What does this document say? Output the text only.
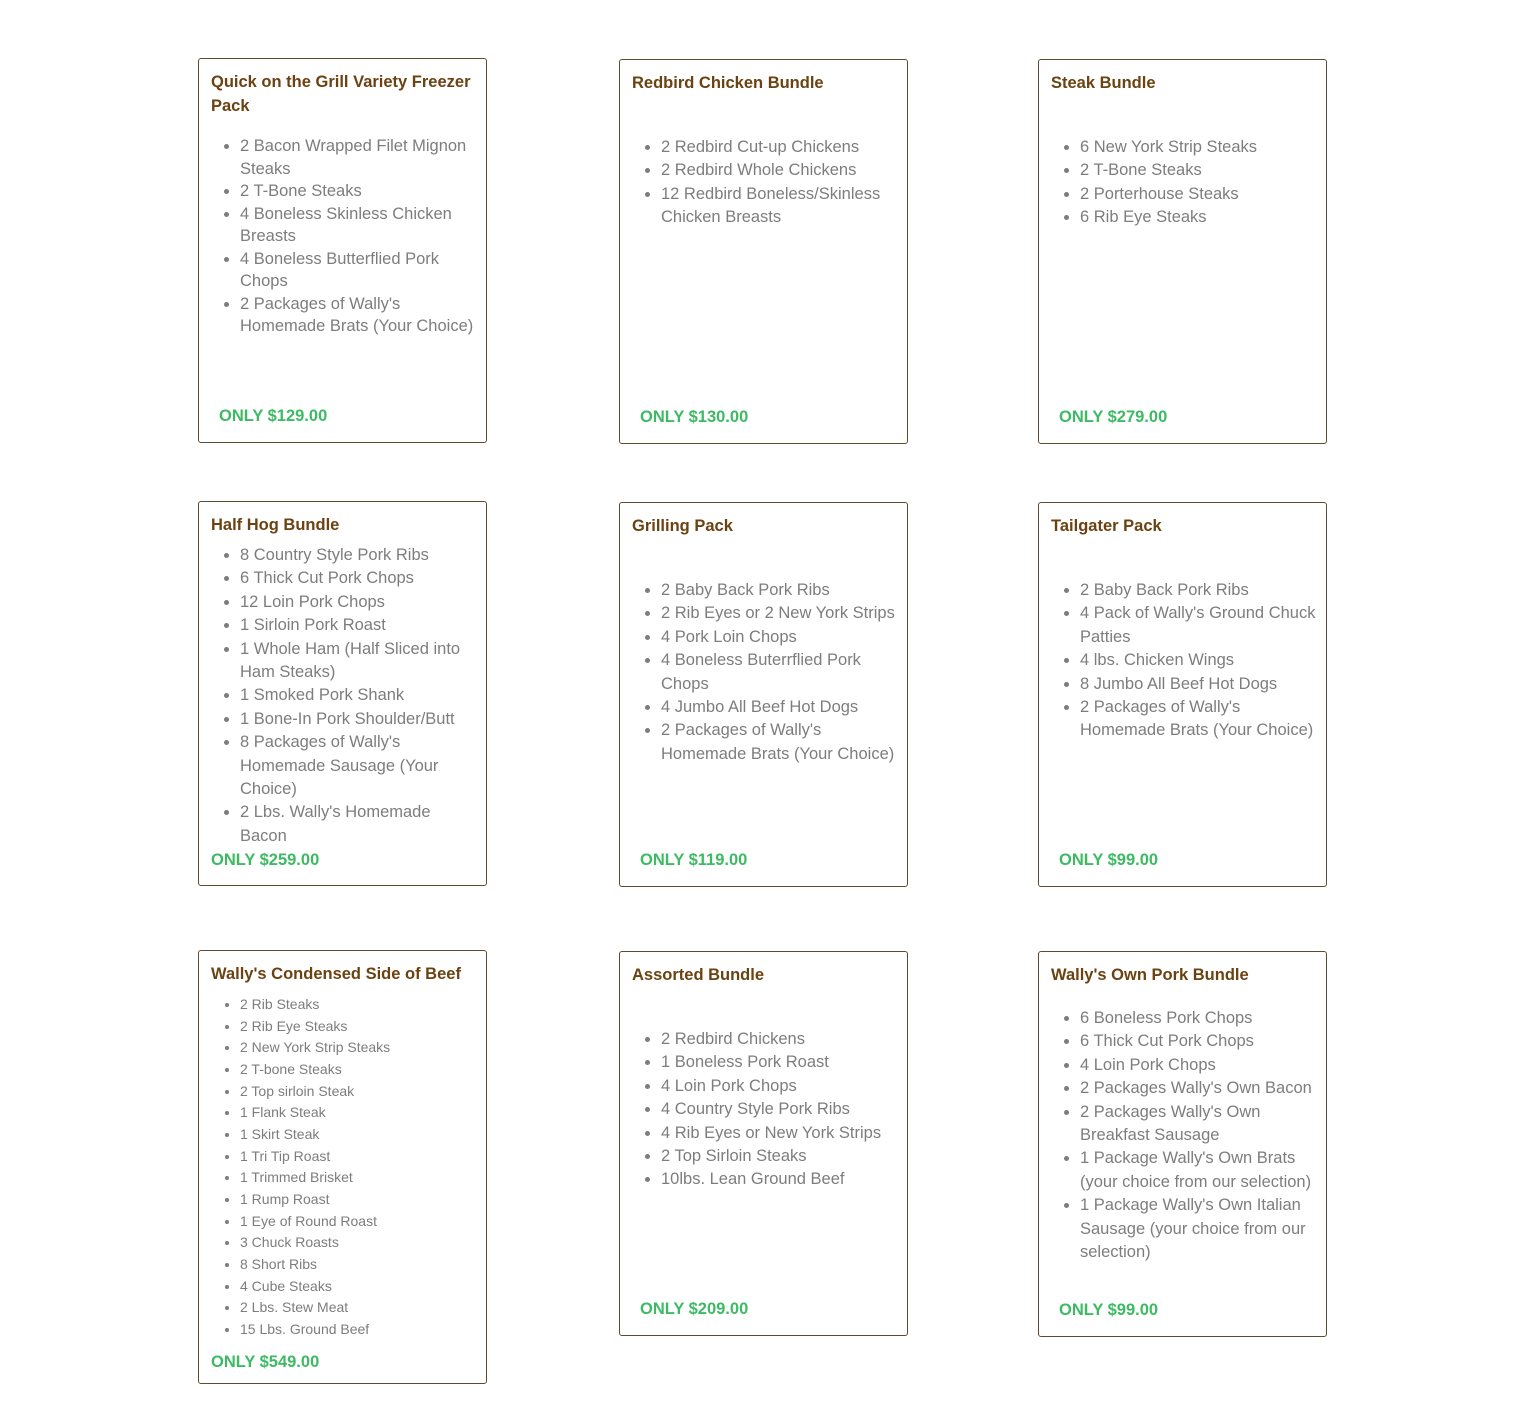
Quick on the Grill Variety Freezer Pack
• 2 Bacon Wrapped Filet Mignon Steaks
• 2 T-Bone Steaks
• 4 Boneless Skinless Chicken Breasts
• 4 Boneless Butterflied Pork Chops
• 2 Packages of Wally's Homemade Brats (Your Choice)

ONLY $129.00

Redbird Chicken Bundle
• 2 Redbird Cut-up Chickens
• 2 Redbird Whole Chickens
• 12 Redbird Boneless/Skinless Chicken Breasts

ONLY $130.00

Steak Bundle
• 6 New York Strip Steaks
• 2 T-Bone Steaks
• 2 Porterhouse Steaks
• 6 Rib Eye Steaks

ONLY $279.00

Half Hog Bundle
• 8 Country Style Pork Ribs
• 6 Thick Cut Pork Chops
• 12 Loin Pork Chops
• 1 Sirloin Pork Roast
• 1 Whole Ham (Half Sliced into Ham Steaks)
• 1 Smoked Pork Shank
• 1 Bone-In Pork Shoulder/Butt
• 8 Packages of Wally's Homemade Sausage (Your Choice)
• 2 Lbs. Wally's Homemade Bacon

ONLY $259.00

Grilling Pack
• 2 Baby Back Pork Ribs
• 2 Rib Eyes or 2 New York Strips
• 4 Pork Loin Chops
• 4 Boneless Buterrflied Pork Chops
• 4 Jumbo All Beef Hot Dogs
• 2 Packages of Wally's Homemade Brats (Your Choice)

ONLY $119.00

Tailgater Pack
• 2 Baby Back Pork Ribs
• 4 Pack of Wally's Ground Chuck Patties
• 4 lbs. Chicken Wings
• 8 Jumbo All Beef Hot Dogs
• 2 Packages of Wally's Homemade Brats (Your Choice)

ONLY $99.00

Wally's Condensed Side of Beef
• 2 Rib Steaks
• 2 Rib Eye Steaks
• 2 New York Strip Steaks
• 2 T-bone Steaks
• 2 Top sirloin Steak
• 1 Flank Steak
• 1 Skirt Steak
• 1 Tri Tip Roast
• 1 Trimmed Brisket
• 1 Rump Roast
• 1 Eye of Round Roast
• 3 Chuck Roasts
• 8 Short Ribs
• 4 Cube Steaks
• 2 Lbs. Stew Meat
• 15 Lbs. Ground Beef

ONLY $549.00

Assorted Bundle
• 2 Redbird Chickens
• 1 Boneless Pork Roast
• 4 Loin Pork Chops
• 4 Country Style Pork Ribs
• 4 Rib Eyes or New York Strips
• 2 Top Sirloin Steaks
• 10lbs. Lean Ground Beef

ONLY $209.00

Wally's Own Pork Bundle
• 6 Boneless Pork Chops
• 6 Thick Cut Pork Chops
• 4 Loin Pork Chops
• 2 Packages Wally's Own Bacon
• 2 Packages Wally's Own Breakfast Sausage
• 1 Package Wally's Own Brats (your choice from our selection)
• 1 Package Wally's Own Italian Sausage (your choice from our selection)

ONLY $99.00
